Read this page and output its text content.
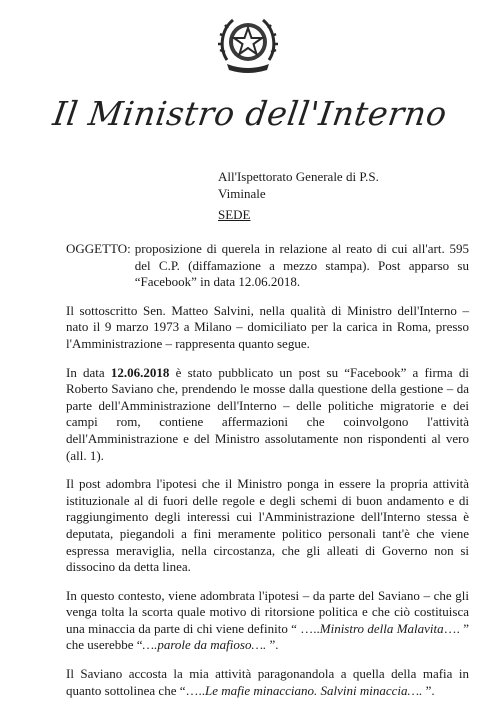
Il Ministro dell'Interno
All'Ispettorato Generale di P.S.
Viminale
SEDE
OGGETTO: proposizione di querela in relazione al reato di cui all'art. 595 del C.P. (diffamazione a mezzo stampa). Post apparso su “Facebook” in data 12.06.2018.

Il sottoscritto Sen. Matteo Salvini, nella qualità di Ministro dell'Interno – nato il 9 marzo 1973 a Milano – domiciliato per la carica in Roma, presso l'Amministrazione – rappresenta quanto segue.

In data 12.06.2018 è stato pubblicato un post su “Facebook” a firma di Roberto Saviano che, prendendo le mosse dalla questione della gestione – da parte dell'Amministrazione dell'Interno – delle politiche migratorie e dei campi rom, contiene affermazioni che coinvolgono l'attività dell'Amministrazione e del Ministro assolutamente non rispondenti al vero (all. 1).

Il post adombra l'ipotesi che il Ministro ponga in essere la propria attività istituzionale al di fuori delle regole e degli schemi di buon andamento e di raggiungimento degli interessi cui l'Amministrazione dell'Interno stessa è deputata, piegandoli a fini meramente politico personali tant'è che viene espressa meraviglia, nella circostanza, che gli alleati di Governo non si dissocino da detta linea.

In questo contesto, viene adombrata l'ipotesi – da parte del Saviano – che gli venga tolta la scorta quale motivo di ritorsione politica e che ciò costituisca una minaccia da parte di chi viene definito “ …..Ministro della Malavita…. ” che userebbe “….parole da mafioso…. ”.

Il Saviano accosta la mia attività paragonandola a quella della mafia in quanto sottolinea che “…..Le mafie minacciano. Salvini minaccia…. ”.
